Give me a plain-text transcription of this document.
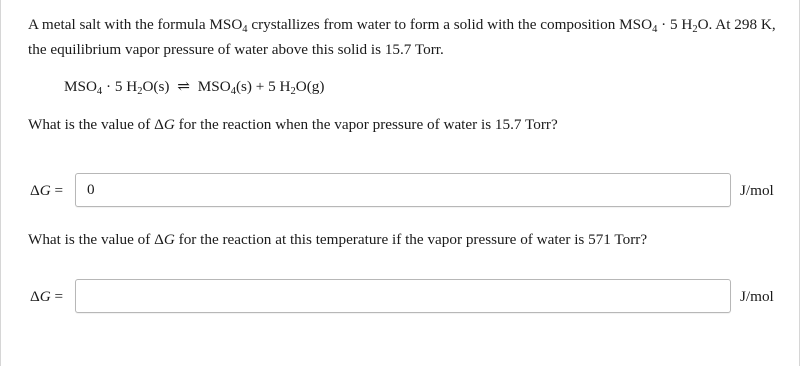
A metal salt with the formula $MSO_4$ crystallizes from water to form a solid with the composition $MSO_4 \cdot 5$ $H_2O$. At 298 K, the equilibrium vapor pressure of water above this solid is 15.7 Torr.

$MSO_4 \cdot 5$ $H_2O(s)$ ⇌ $MSO_4(s) + 5$ $H_2O(g)$

What is the value of ΔG for the reaction when the vapor pressure of water is 15.7 Torr?

ΔG =
0	J/mol

What is the value of ΔG for the reaction at this temperature if the vapor pressure of water is 571 Torr?

ΔG =	J/mol
